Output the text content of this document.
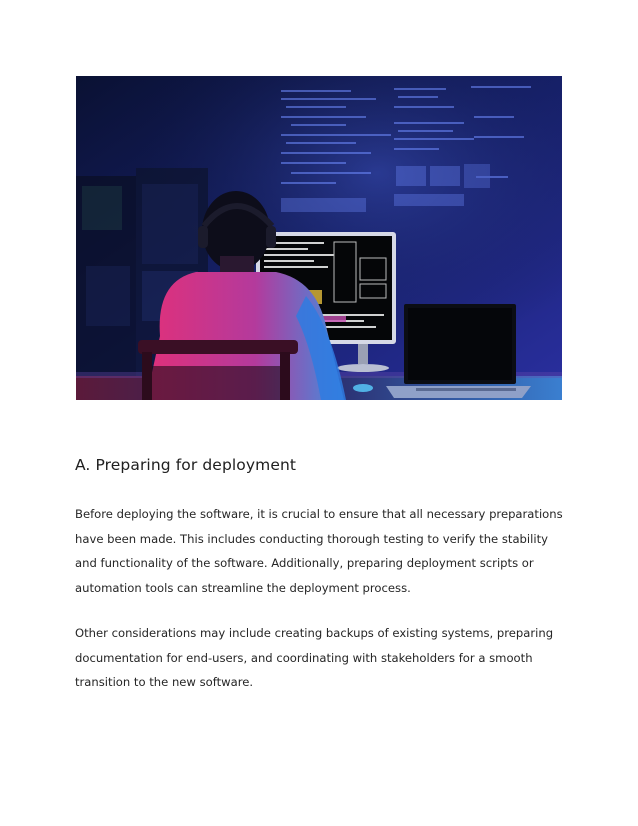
A. Preparing for deployment

Before deploying the software, it is crucial to ensure that all necessary preparations have been made. This includes conducting thorough testing to verify the stability and functionality of the software. Additionally, preparing deployment scripts or automation tools can streamline the deployment process.

Other considerations may include creating backups of existing systems, preparing documentation for end-users, and coordinating with stakeholders for a smooth transition to the new software.
